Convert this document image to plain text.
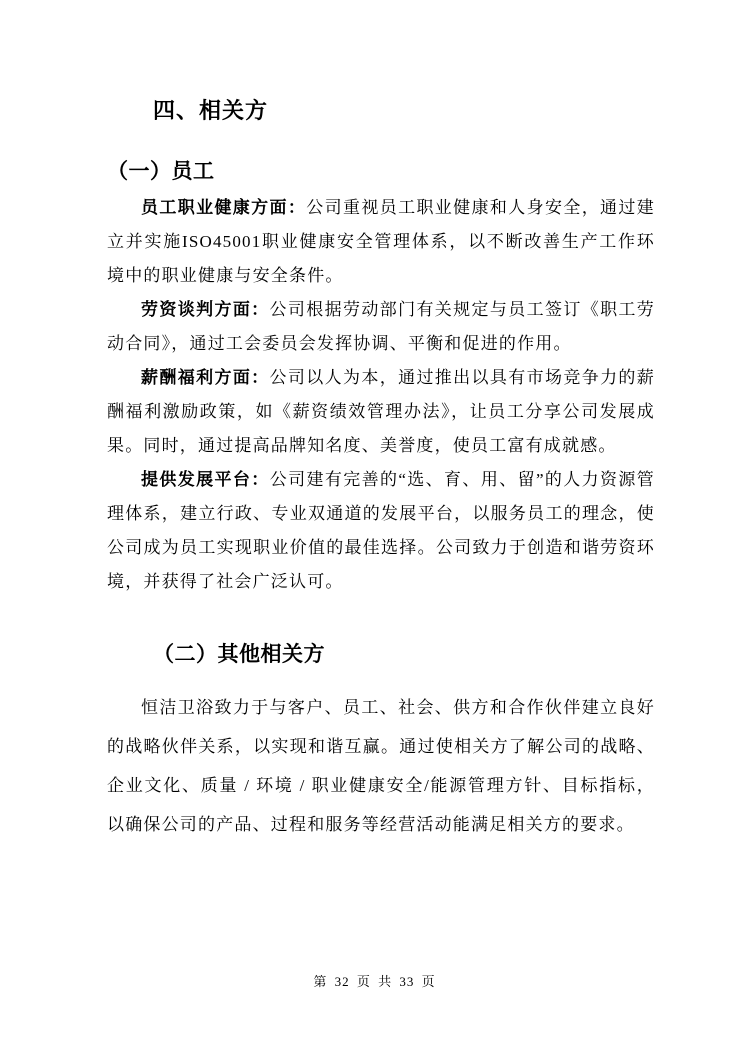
四、相关方
（一）员工

员工职业健康方面：公司重视员工职业健康和人身安全，通过建立并实施ISO45001职业健康安全管理体系，以不断改善生产工作环境中的职业健康与安全条件。

劳资谈判方面：公司根据劳动部门有关规定与员工签订《职工劳动合同》，通过工会委员会发挥协调、平衡和促进的作用。

薪酬福利方面：公司以人为本，通过推出以具有市场竞争力的薪酬福利激励政策，如《薪资绩效管理办法》，让员工分享公司发展成果。同时，通过提高品牌知名度、美誉度，使员工富有成就感。

提供发展平台：公司建有完善的“选、育、用、留”的人力资源管理体系，建立行政、专业双通道的发展平台，以服务员工的理念，使公司成为员工实现职业价值的最佳选择。公司致力于创造和谐劳资环境，并获得了社会广泛认可。

（二）其他相关方

恒洁卫浴致力于与客户、员工、社会、供方和合作伙伴建立良好的战略伙伴关系，以实现和谐互赢。通过使相关方了解公司的战略、企业文化、质量 / 环境 / 职业健康安全/能源管理方针、目标指标，以确保公司的产品、过程和服务等经营活动能满足相关方的要求。

第 32 页 共 33 页
